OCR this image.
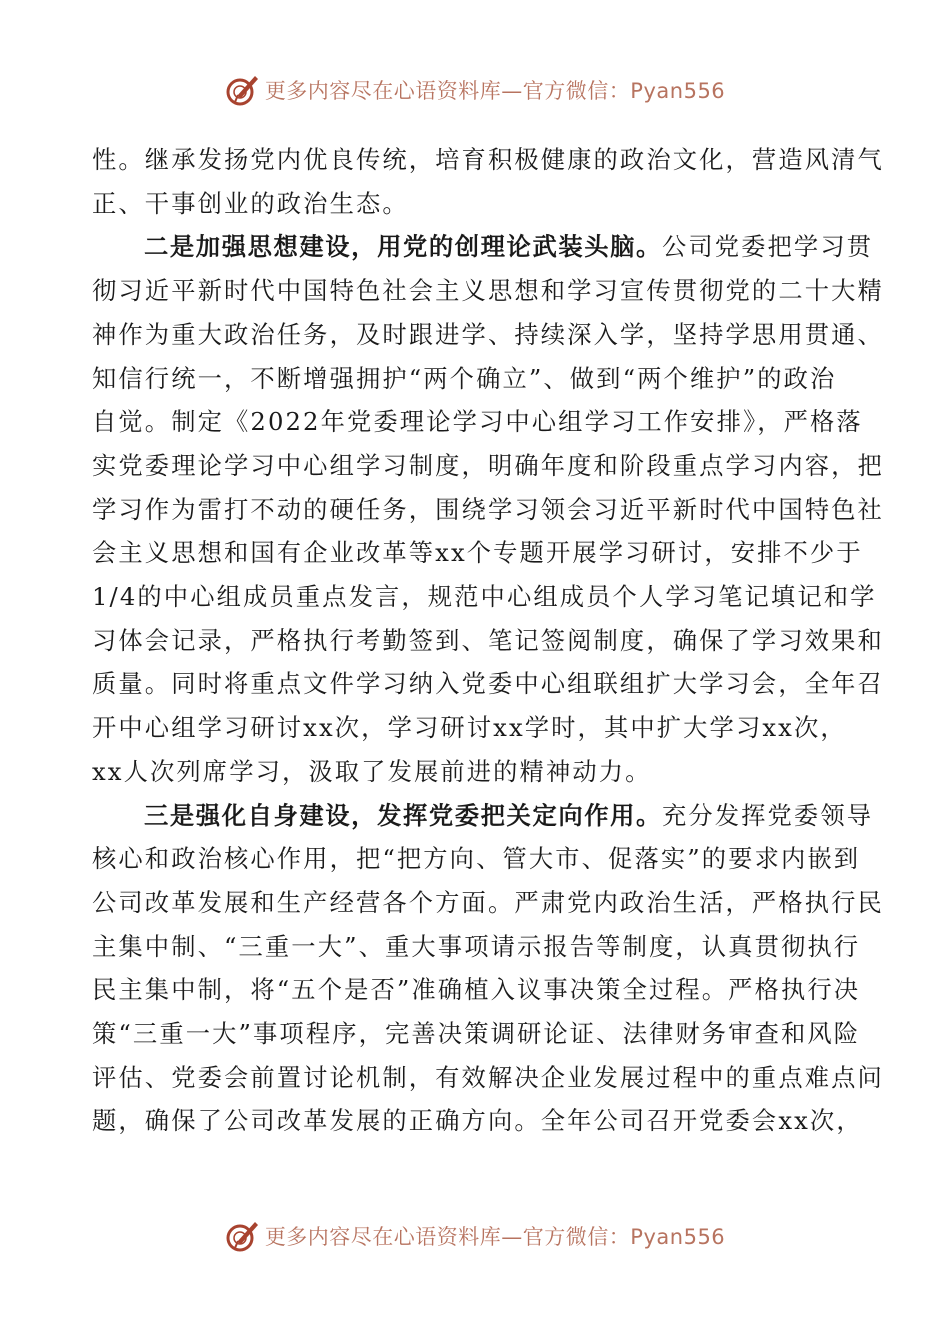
更多内容尽在心语资料库—官方微信：Pyan556

性。继承发扬党内优良传统，培育积极健康的政治文化，营造风清气
正、干事创业的政治生态。

二是加强思想建设，用党的创理论武装头脑。公司党委把学习贯
彻习近平新时代中国特色社会主义思想和学习宣传贯彻党的二十大精
神作为重大政治任务，及时跟进学、持续深入学，坚持学思用贯通、
知信行统一，不断增强拥护“两个确立”、做到“两个维护”的政治
自觉。制定《2022年党委理论学习中心组学习工作安排》，严格落
实党委理论学习中心组学习制度，明确年度和阶段重点学习内容，把
学习作为雷打不动的硬任务，围绕学习领会习近平新时代中国特色社
会主义思想和国有企业改革等xx个专题开展学习研讨，安排不少于
1/4的中心组成员重点发言，规范中心组成员个人学习笔记填记和学
习体会记录，严格执行考勤签到、笔记签阅制度，确保了学习效果和
质量。同时将重点文件学习纳入党委中心组联组扩大学习会，全年召
开中心组学习研讨xx次，学习研讨xx学时，其中扩大学习xx次，
xx人次列席学习，汲取了发展前进的精神动力。

三是强化自身建设，发挥党委把关定向作用。充分发挥党委领导
核心和政治核心作用，把“把方向、管大市、促落实”的要求内嵌到
公司改革发展和生产经营各个方面。严肃党内政治生活，严格执行民
主集中制、“三重一大”、重大事项请示报告等制度，认真贯彻执行
民主集中制，将“五个是否”准确植入议事决策全过程。严格执行决
策“三重一大”事项程序，完善决策调研论证、法律财务审查和风险
评估、党委会前置讨论机制，有效解决企业发展过程中的重点难点问
题，确保了公司改革发展的正确方向。全年公司召开党委会xx次，

更多内容尽在心语资料库—官方微信：Pyan556
